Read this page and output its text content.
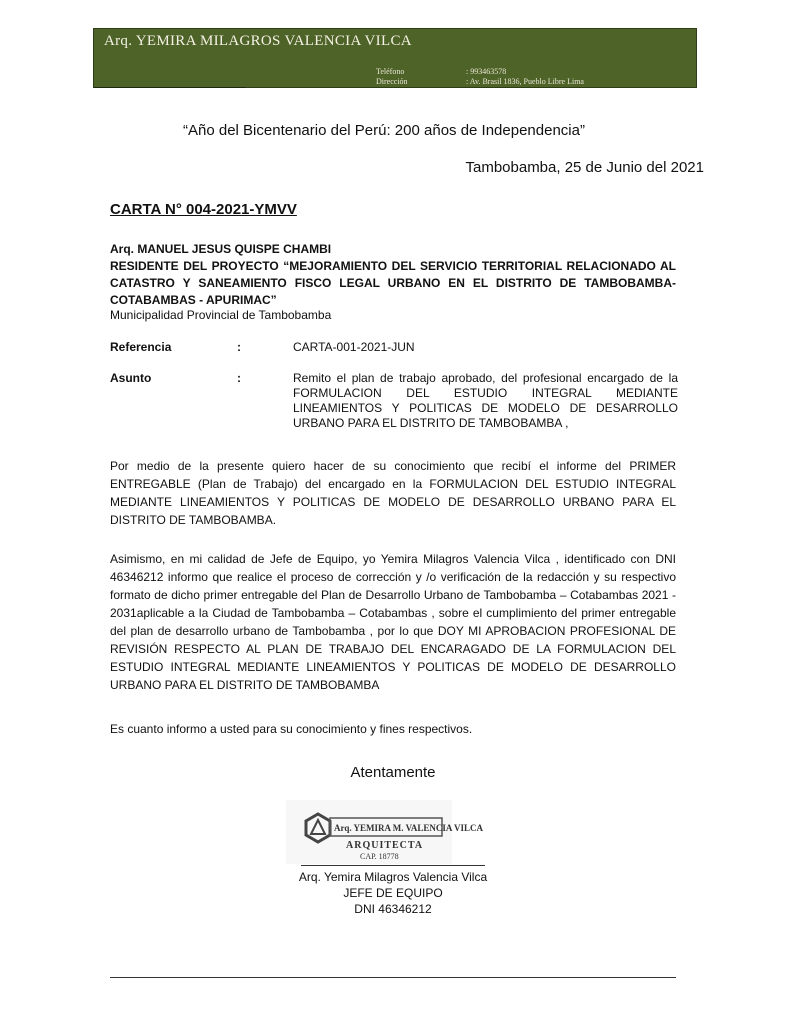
Arq. YEMIRA MILAGROS VALENCIA VILCA
Teléfono	: 993463578
Dirección	: Av. Brasil 1836, Pueblo Libre Lima
“Año del Bicentenario del Perú: 200 años de Independencia”
Tambobamba, 25 de Junio del 2021
CARTA N° 004-2021-YMVV
Arq. MANUEL JESUS QUISPE CHAMBI
RESIDENTE DEL PROYECTO “MEJORAMIENTO DEL SERVICIO TERRITORIAL RELACIONADO AL CATASTRO Y SANEAMIENTO FISCO LEGAL URBANO EN EL DISTRITO DE TAMBOBAMBA-COTABAMBAS - APURIMAC”
Municipalidad Provincial de Tambobamba
Referencia	:	CARTA-001-2021-JUN
Asunto	:	Remito el plan de trabajo aprobado, del profesional encargado de la FORMULACION DEL ESTUDIO INTEGRAL MEDIANTE LINEAMIENTOS Y POLITICAS DE MODELO DE DESARROLLO URBANO PARA EL DISTRITO DE TAMBOBAMBA ,
Por medio de la presente quiero hacer de su conocimiento que recibí el informe del PRIMER ENTREGABLE (Plan de Trabajo) del encargado en la FORMULACION DEL ESTUDIO INTEGRAL MEDIANTE LINEAMIENTOS Y POLITICAS DE MODELO DE DESARROLLO URBANO PARA EL DISTRITO DE TAMBOBAMBA.
Asimismo, en mi calidad de Jefe de Equipo, yo Yemira Milagros Valencia Vilca , identificado con DNI 46346212 informo que realice el proceso de corrección y /o verificación de la redacción y su respectivo formato de dicho primer entregable del Plan de Desarrollo Urbano de Tambobamba – Cotabambas 2021 - 2031aplicable a la Ciudad de Tambobamba – Cotabambas , sobre el cumplimiento del primer entregable del plan de desarrollo urbano de Tambobamba , por lo que DOY MI APROBACION PROFESIONAL DE REVISIÓN RESPECTO AL PLAN DE TRABAJO DEL ENCARAGADO DE LA FORMULACION DEL ESTUDIO INTEGRAL MEDIANTE LINEAMIENTOS Y POLITICAS DE MODELO DE DESARROLLO URBANO PARA EL DISTRITO DE TAMBOBAMBA
Es cuanto informo a usted para su conocimiento y fines respectivos.
Atentamente
Arq. YEMIRA M. VALENCIA VILCA
ARQUITECTA
CAP. 18778
Arq. Yemira Milagros Valencia Vilca
JEFE DE EQUIPO
DNI 46346212
